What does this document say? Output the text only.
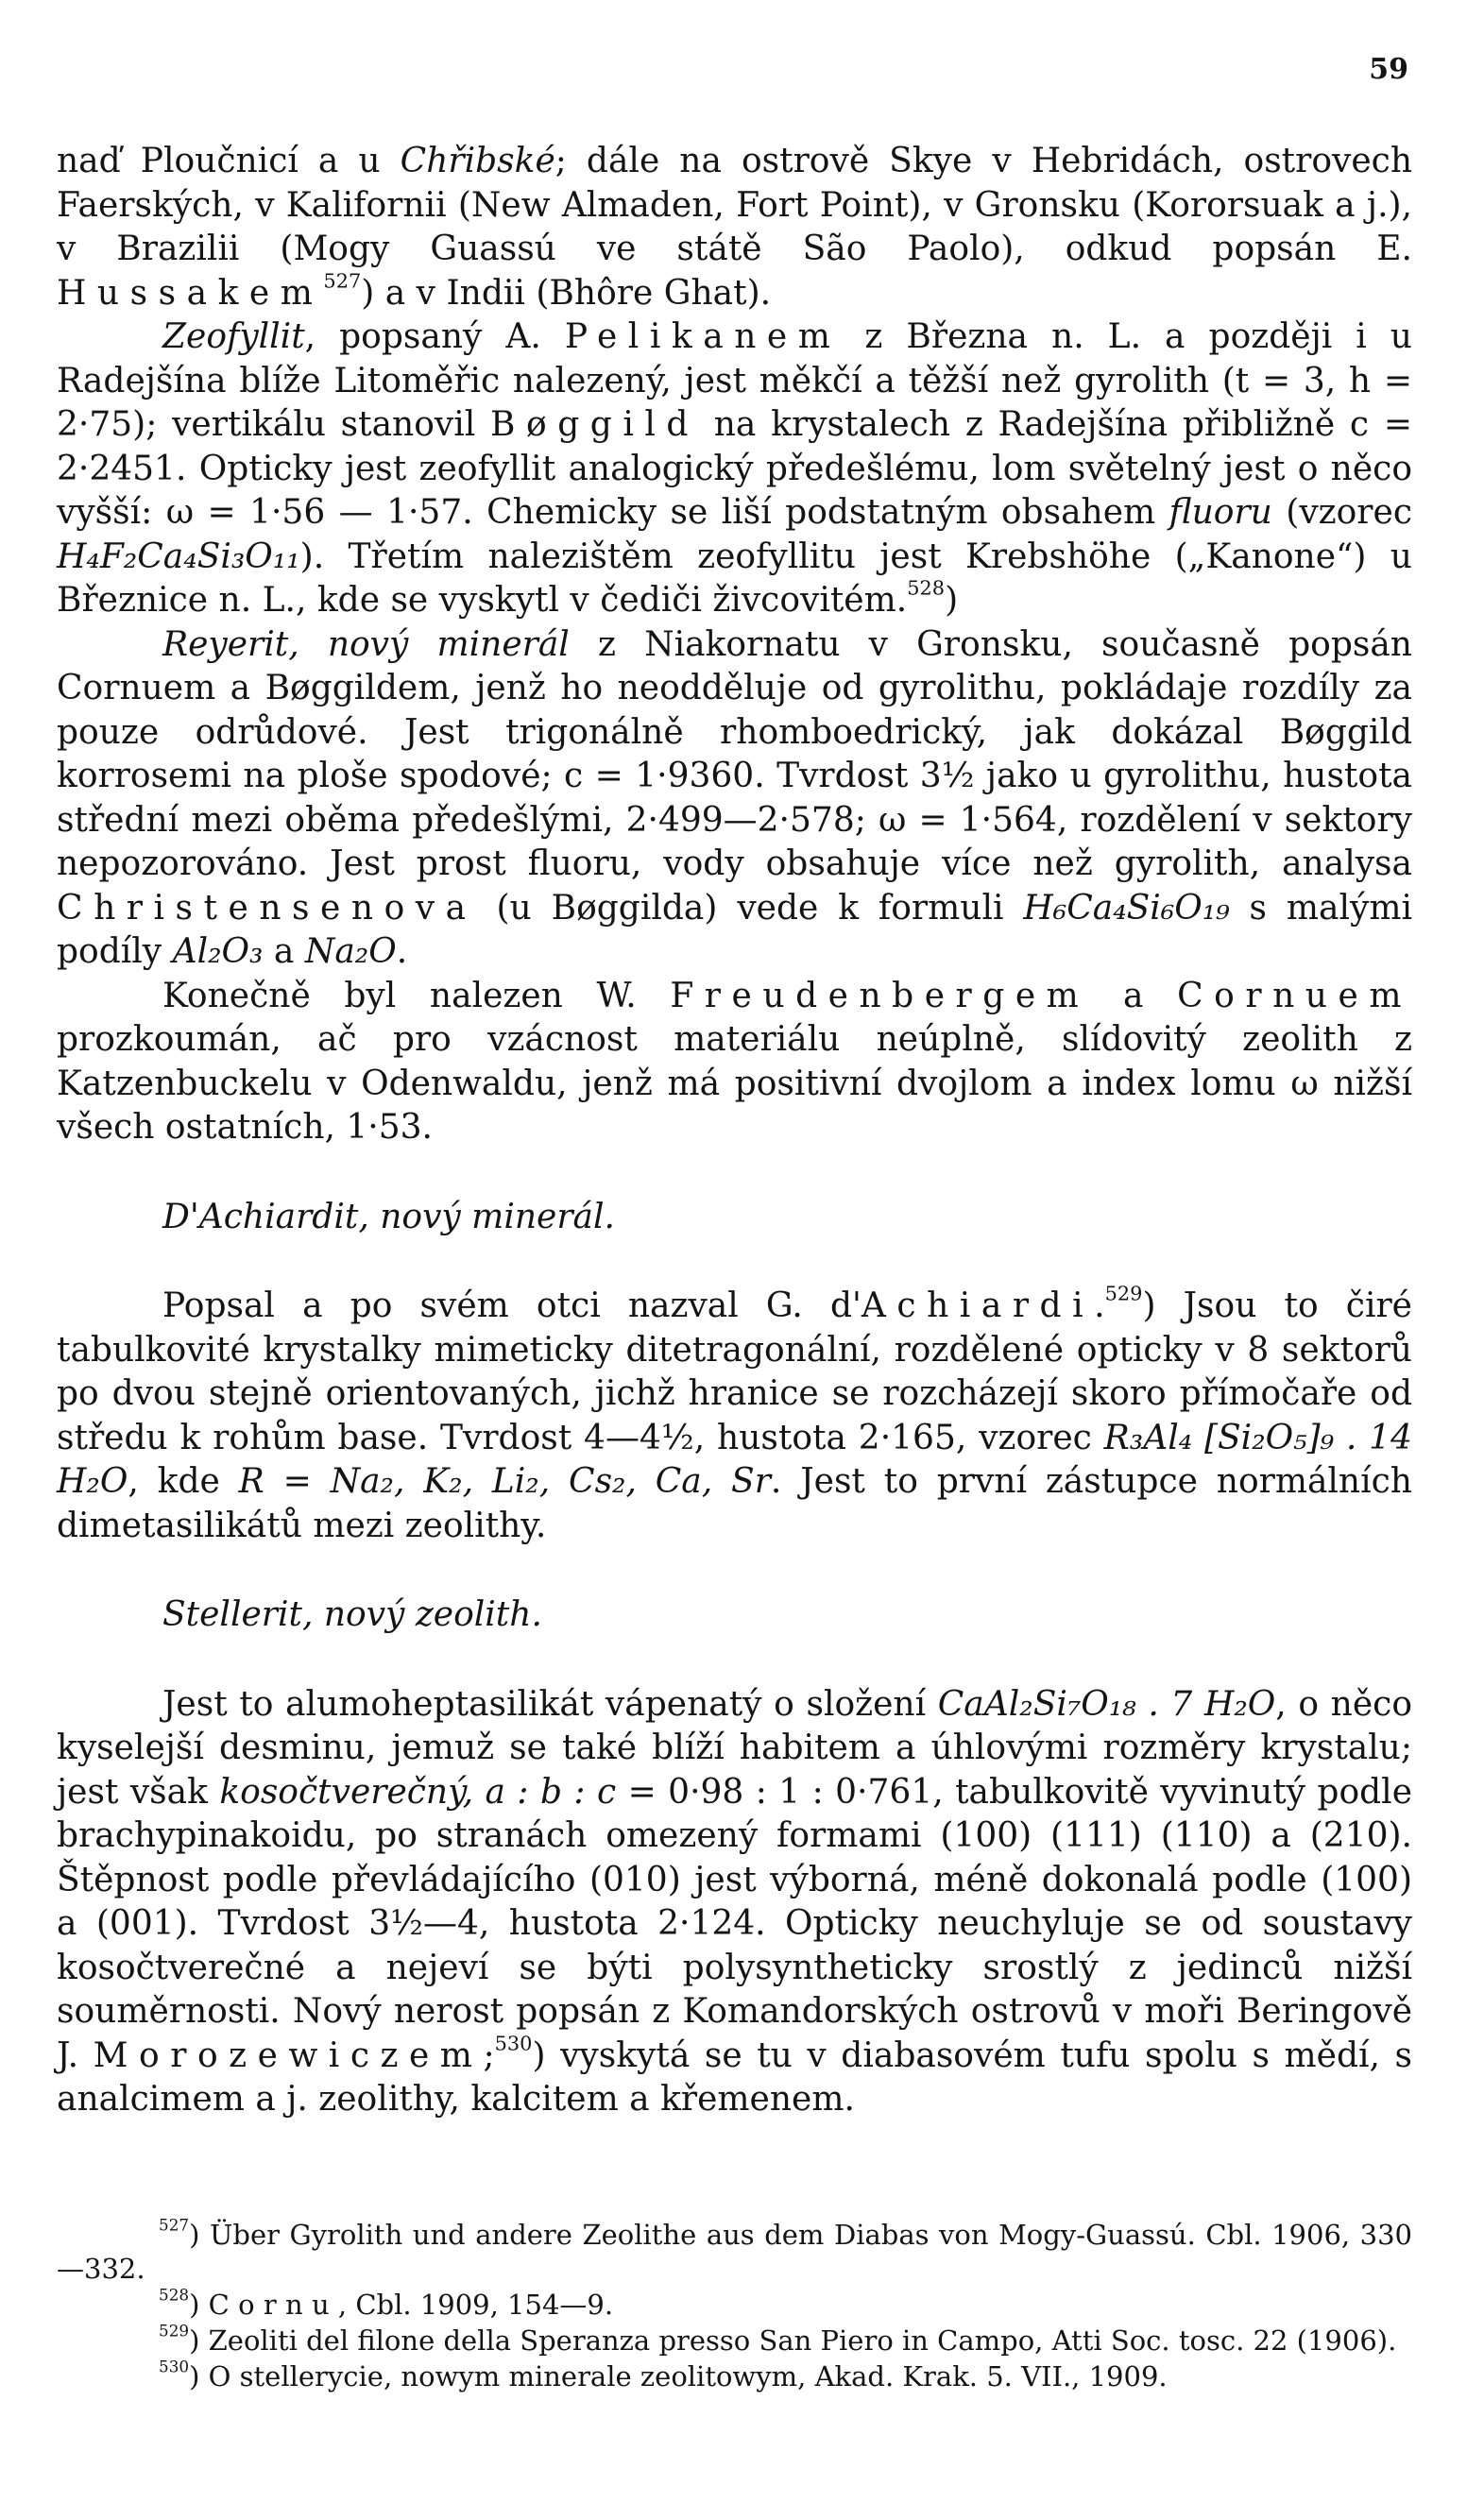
59

naď Ploučnicí a u Chřibské; dále na ostrově Skye v Hebridách, ostrovech Faerských, v Kalifornii (New Almaden, Fort Point), v Gronsku (Kororsuak a j.), v Brazilii (Mogy Guassú ve státě São Paolo), odkud popsán E. Hussakem$^{527}$) a v Indii (Bhôre Ghat).

Zeofyllit, popsaný A. Pelikanem z Března n. L. a později i u Radejšína blíže Litoměřic nalezený, jest měkčí a těžší než gyrolith (t = 3, h = 2·75); vertikálu stanovil Bøggild na krystalech z Radejšína přibližně c = 2·2451. Opticky jest zeofyllit analogický předešlému, lom světelný jest o něco vyšší: ω = 1·56 — 1·57. Chemicky se liší podstatným obsahem fluoru (vzorec H₄F₂Ca₄Si₃O₁₁). Třetím nalezištěm zeofyllitu jest Krebshöhe („Kanone“) u Březnice n. L., kde se vyskytl v čediči živcovitém.$^{528}$)

Reyerit, nový minerál z Niakornatu v Gronsku, současně popsán Cornuem a Bøggildem, jenž ho neodděluje od gyrolithu, pokládaje rozdíly za pouze odrůdové. Jest trigonálně rhomboedrický, jak dokázal Bøggild korrosemi na ploše spodové; c = 1·9360. Tvrdost 3½ jako u gyrolithu, hustota střední mezi oběma předešlými, 2·499—2·578; ω = 1·564, rozdělení v sektory nepozorováno. Jest prost fluoru, vody obsahuje více než gyrolith, analysa Christensenova (u Bøggilda) vede k formuli H₆Ca₄Si₆O₁₉ s malými podíly Al₂O₃ a Na₂O.

Konečně byl nalezen W. Freudenbergem a Cornuem prozkoumán, ač pro vzácnost materiálu neúplně, slídovitý zeolith z Katzenbuckelu v Odenwaldu, jenž má positivní dvojlom a index lomu ω nižší všech ostatních, 1·53.

D'Achiardit, nový minerál.

Popsal a po svém otci nazval G. d'Achiardi.$^{529}$) Jsou to čiré tabulkovité krystalky mimeticky ditetragonální, rozdělené opticky v 8 sektorů po dvou stejně orientovaných, jichž hranice se rozcházejí skoro přímočaře od středu k rohům base. Tvrdost 4—4½, hustota 2·165, vzorec R₃Al₄ [Si₂O₅]₉ . 14 H₂O, kde R = Na₂, K₂, Li₂, Cs₂, Ca, Sr. Jest to první zástupce normálních dimetasilikátů mezi zeolithy.

Stellerit, nový zeolith.

Jest to alumoheptasilikát vápenatý o složení CaAl₂Si₇O₁₈ . 7 H₂O, o něco kyselejší desminu, jemuž se také blíží habitem a úhlovými rozměry krystalu; jest však kosočtverečný, a : b : c = 0·98 : 1 : 0·761, tabulkovitě vyvinutý podle brachypinakoidu, po stranách omezený formami (100) (111) (110) a (210). Štěpnost podle převládajícího (010) jest výborná, méně dokonalá podle (100) a (001). Tvrdost 3½—4, hustota 2·124. Opticky neuchyluje se od soustavy kosočtverečné a nejeví se býti polysyntheticky srostlý z jedinců nižší souměrnosti. Nový nerost popsán z Komandorských ostrovů v moři Beringově J. Morozewiczem;$^{530}$) vyskytá se tu v diabasovém tufu spolu s mědí, s analcimem a j. zeolithy, kalcitem a křemenem.

$^{527}$) Über Gyrolith und andere Zeolithe aus dem Diabas von Mogy-Guassú. Cbl. 1906, 330—332.

$^{528}$) Cornu, Cbl. 1909, 154—9.

$^{529}$) Zeoliti del filone della Speranza presso San Piero in Campo, Atti Soc. tosc. 22 (1906).

$^{530}$) O stellerycie, nowym minerale zeolitowym, Akad. Krak. 5. VII., 1909.
